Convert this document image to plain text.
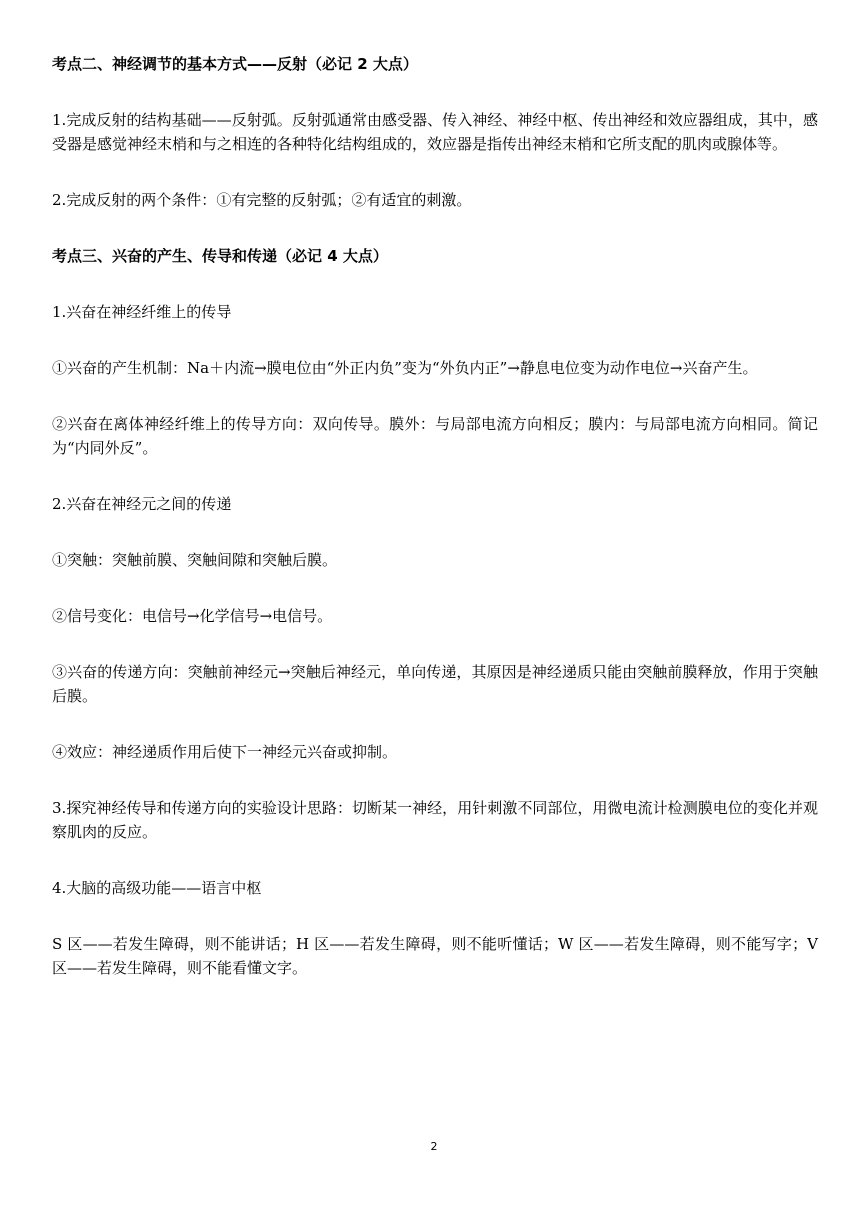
考点二、神经调节的基本方式——反射（必记 2 大点）
1.完成反射的结构基础——反射弧。反射弧通常由感受器、传入神经、神经中枢、传出神经和效应器组成，其中，感受器是感觉神经末梢和与之相连的各种特化结构组成的，效应器是指传出神经末梢和它所支配的肌肉或腺体等。
2.完成反射的两个条件：①有完整的反射弧；②有适宜的刺激。
考点三、兴奋的产生、传导和传递（必记 4 大点）
1.兴奋在神经纤维上的传导
①兴奋的产生机制：Na＋内流→膜电位由“外正内负”变为“外负内正”→静息电位变为动作电位→兴奋产生。
②兴奋在离体神经纤维上的传导方向：双向传导。膜外：与局部电流方向相反；膜内：与局部电流方向相同。简记为“内同外反”。
2.兴奋在神经元之间的传递
①突触：突触前膜、突触间隙和突触后膜。
②信号变化：电信号→化学信号→电信号。
③兴奋的传递方向：突触前神经元→突触后神经元，单向传递，其原因是神经递质只能由突触前膜释放，作用于突触后膜。
④效应：神经递质作用后使下一神经元兴奋或抑制。
3.探究神经传导和传递方向的实验设计思路：切断某一神经，用针刺激不同部位，用微电流计检测膜电位的变化并观察肌肉的反应。
4.大脑的高级功能——语言中枢
S 区——若发生障碍，则不能讲话；H 区——若发生障碍，则不能听懂话；W 区——若发生障碍，则不能写字；V 区——若发生障碍，则不能看懂文字。
2
